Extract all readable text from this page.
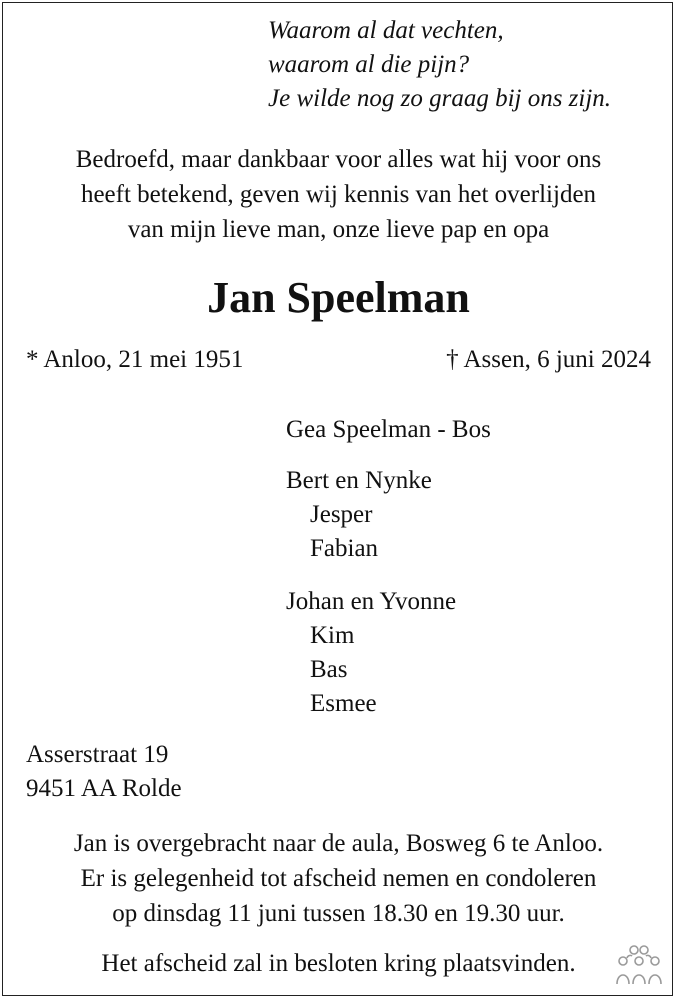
Waarom al dat vechten,
waarom al die pijn?
Je wilde nog zo graag bij ons zijn.
Bedroefd, maar dankbaar voor alles wat hij voor ons
heeft betekend, geven wij kennis van het overlijden
van mijn lieve man, onze lieve pap en opa
Jan Speelman
* Anloo, 21 mei 1951	† Assen, 6 juni 2024
Gea Speelman - Bos
Bert en Nynke
Jesper
Fabian
Johan en Yvonne
Kim
Bas
Esmee
Asserstraat 19
9451 AA Rolde
Jan is overgebracht naar de aula, Bosweg 6 te Anloo.
Er is gelegenheid tot afscheid nemen en condoleren
op dinsdag 11 juni tussen 18.30 en 19.30 uur.
Het afscheid zal in besloten kring plaatsvinden.
